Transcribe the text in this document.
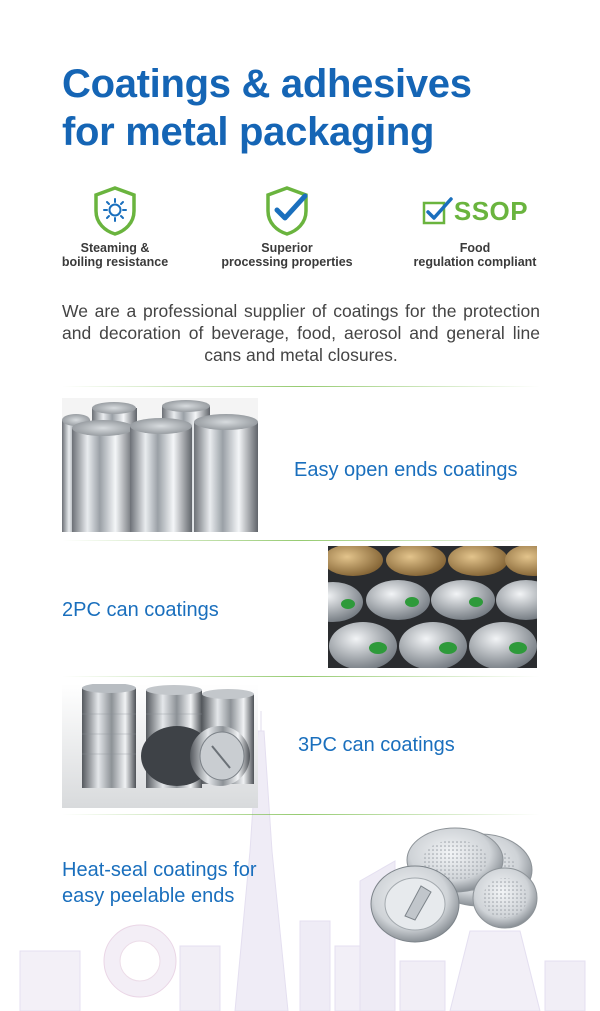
Coatings & adhesives
for metal packaging
Steaming &
boiling resistance
Superior
processing properties
SSOP
Food
regulation compliant
We are a professional supplier of coatings for the protection and decoration of beverage, food, aerosol and general line cans and metal closures.
Easy open ends coatings
2PC can coatings
3PC can coatings
Heat-seal coatings for
easy peelable ends
